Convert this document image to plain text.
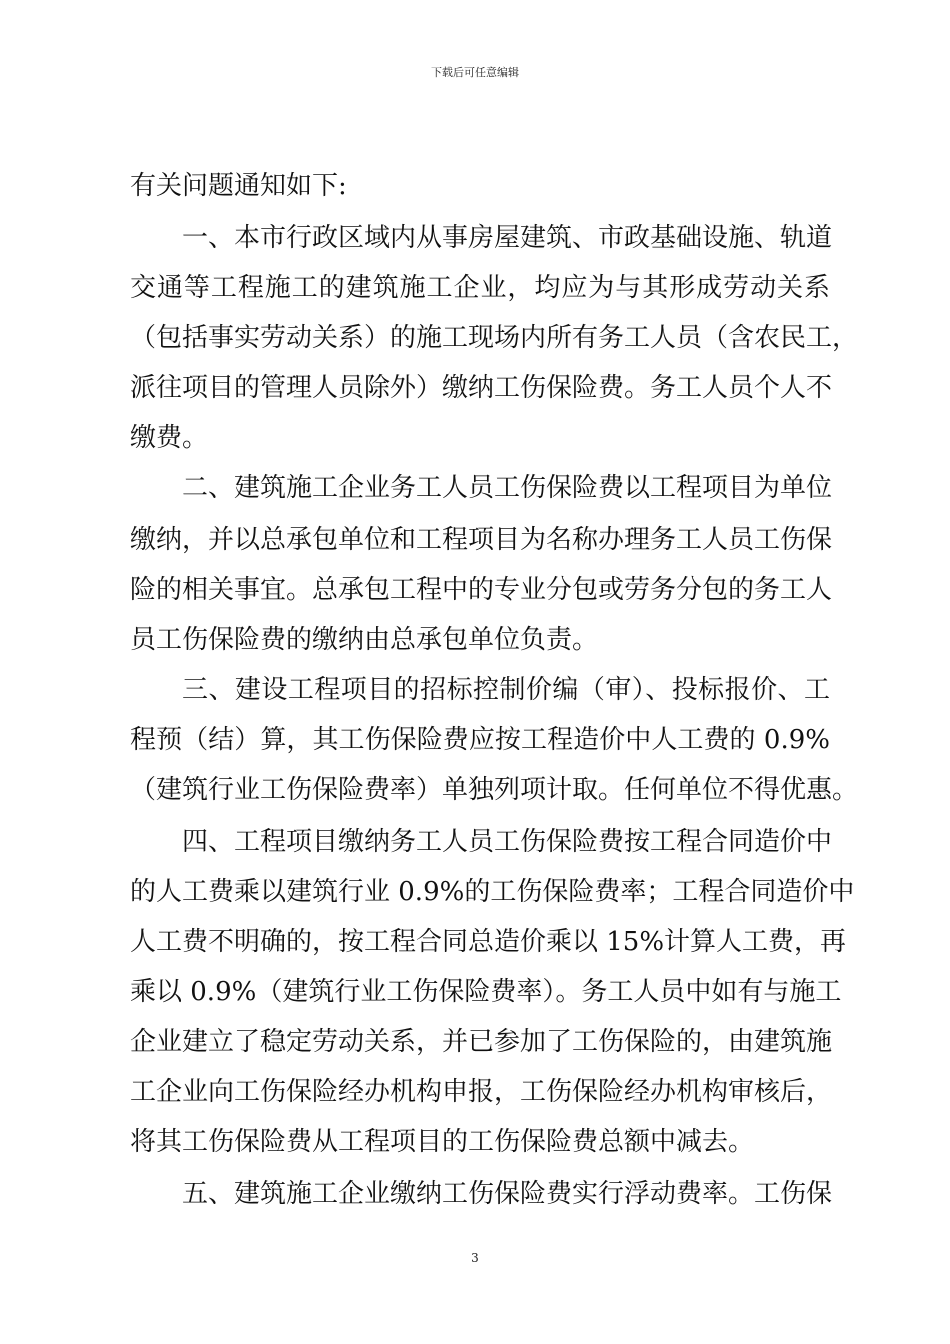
下载后可任意编辑
有关问题通知如下:
一、本市行政区域内从事房屋建筑、市政基础设施、轨道
交通等工程施工的建筑施工企业，均应为与其形成劳动关系
（包括事实劳动关系）的施工现场内所有务工人员（含农民工，
派往项目的管理人员除外）缴纳工伤保险费。务工人员个人不
缴费。
二、建筑施工企业务工人员工伤保险费以工程项目为单位
缴纳，并以总承包单位和工程项目为名称办理务工人员工伤保
险的相关事宜。总承包工程中的专业分包或劳务分包的务工人
员工伤保险费的缴纳由总承包单位负责。
三、建设工程项目的招标控制价编（审）、投标报价、工
程预（结）算，其工伤保险费应按工程造价中人工费的 0.9%
（建筑行业工伤保险费率）单独列项计取。任何单位不得优惠。
四、工程项目缴纳务工人员工伤保险费按工程合同造价中
的人工费乘以建筑行业 0.9%的工伤保险费率；工程合同造价中
人工费不明确的，按工程合同总造价乘以 15%计算人工费，再
乘以 0.9%（建筑行业工伤保险费率）。务工人员中如有与施工
企业建立了稳定劳动关系，并已参加了工伤保险的，由建筑施
工企业向工伤保险经办机构申报，工伤保险经办机构审核后，
将其工伤保险费从工程项目的工伤保险费总额中减去。
五、建筑施工企业缴纳工伤保险费实行浮动费率。工伤保
3
